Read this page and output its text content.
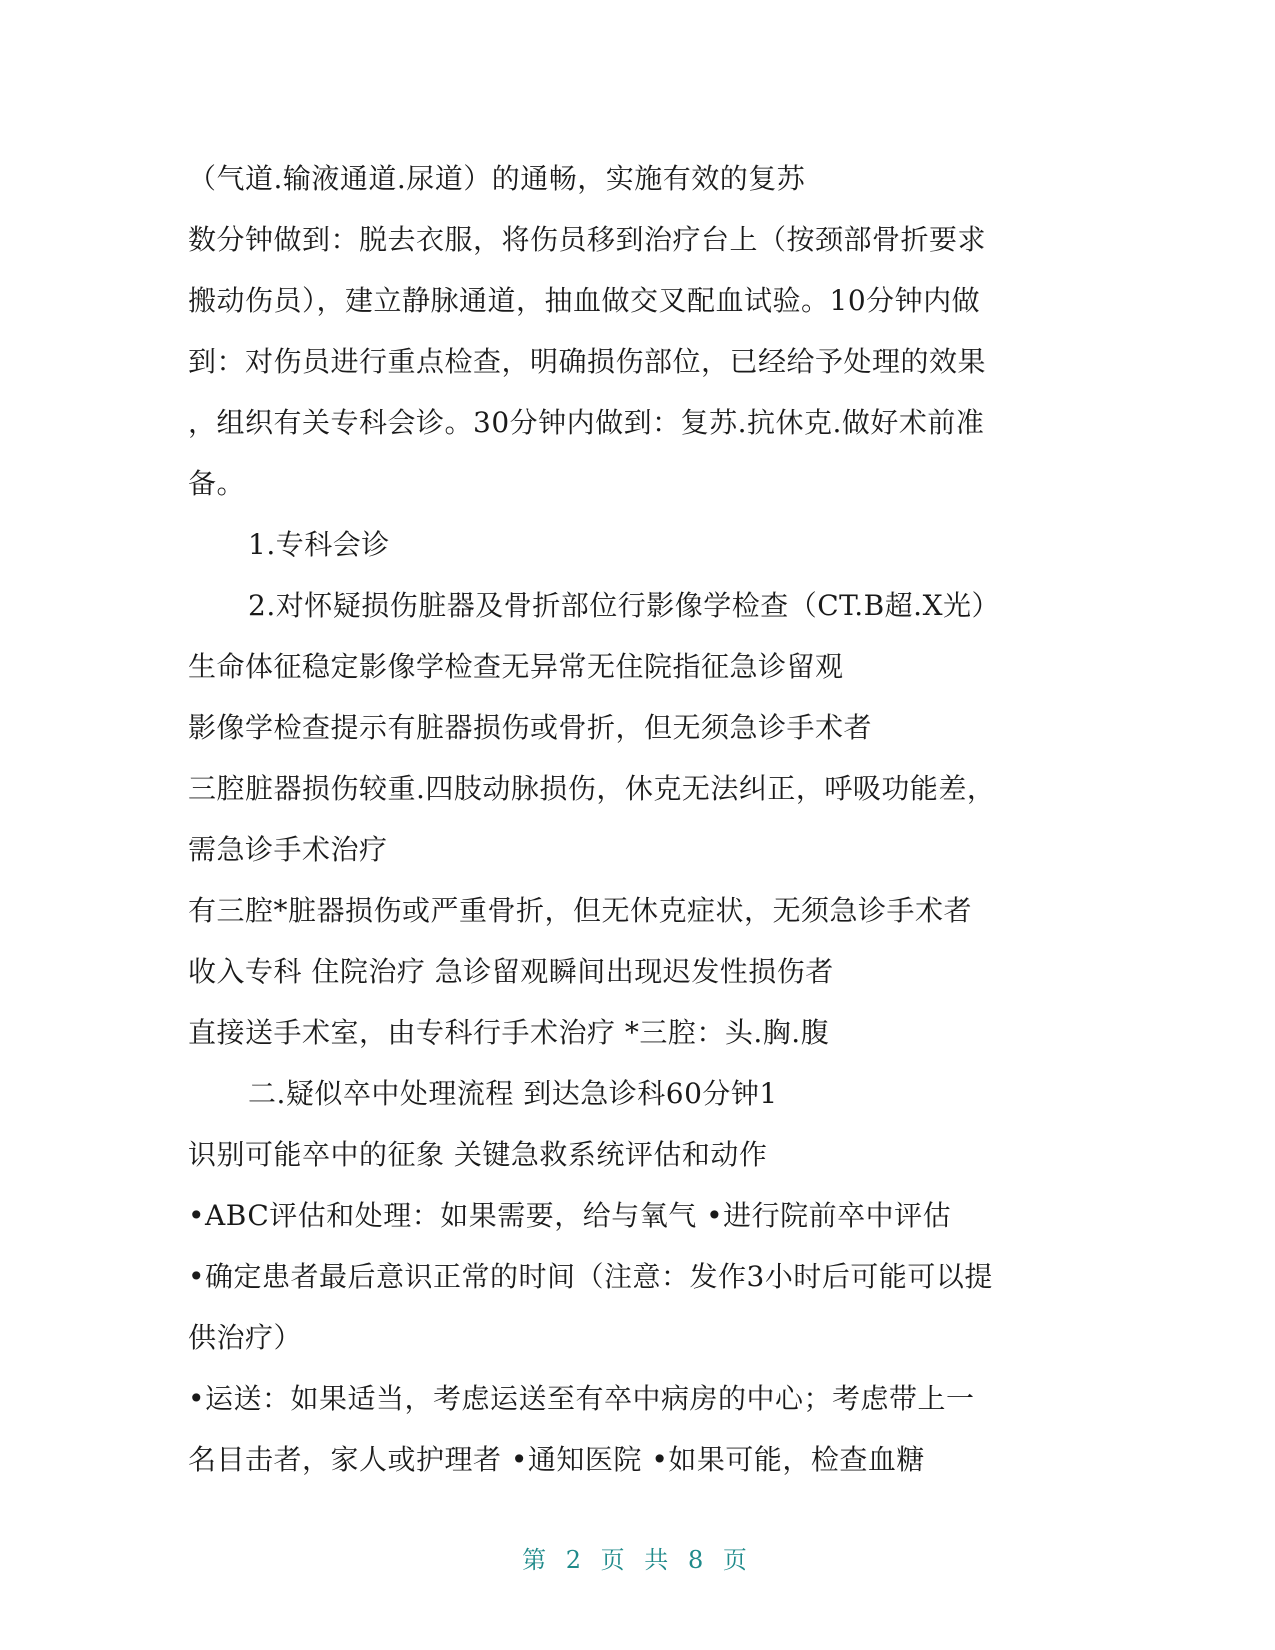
（气道.输液通道.尿道）的通畅，实施有效的复苏
数分钟做到：脱去衣服，将伤员移到治疗台上（按颈部骨折要求
搬动伤员），建立静脉通道，抽血做交叉配血试验。10分钟内做
到：对伤员进行重点检查，明确损伤部位，已经给予处理的效果
，组织有关专科会诊。30分钟内做到：复苏.抗休克.做好术前准
备。
1.专科会诊
2.对怀疑损伤脏器及骨折部位行影像学检查（CT.B超.X光）
生命体征稳定影像学检查无异常无住院指征急诊留观
影像学检查提示有脏器损伤或骨折，但无须急诊手术者
三腔脏器损伤较重.四肢动脉损伤，休克无法纠正，呼吸功能差，
需急诊手术治疗
有三腔*脏器损伤或严重骨折，但无休克症状，无须急诊手术者
收入专科 住院治疗 急诊留观瞬间出现迟发性损伤者
直接送手术室，由专科行手术治疗 *三腔：头.胸.腹
二.疑似卒中处理流程 到达急诊科60分钟1
识别可能卒中的征象 关键急救系统评估和动作
•ABC评估和处理：如果需要，给与氧气 •进行院前卒中评估
•确定患者最后意识正常的时间（注意：发作3小时后可能可以提
供治疗）
•运送：如果适当，考虑运送至有卒中病房的中心；考虑带上一
名目击者，家人或护理者 •通知医院 •如果可能，检查血糖
第 2 页 共 8 页
